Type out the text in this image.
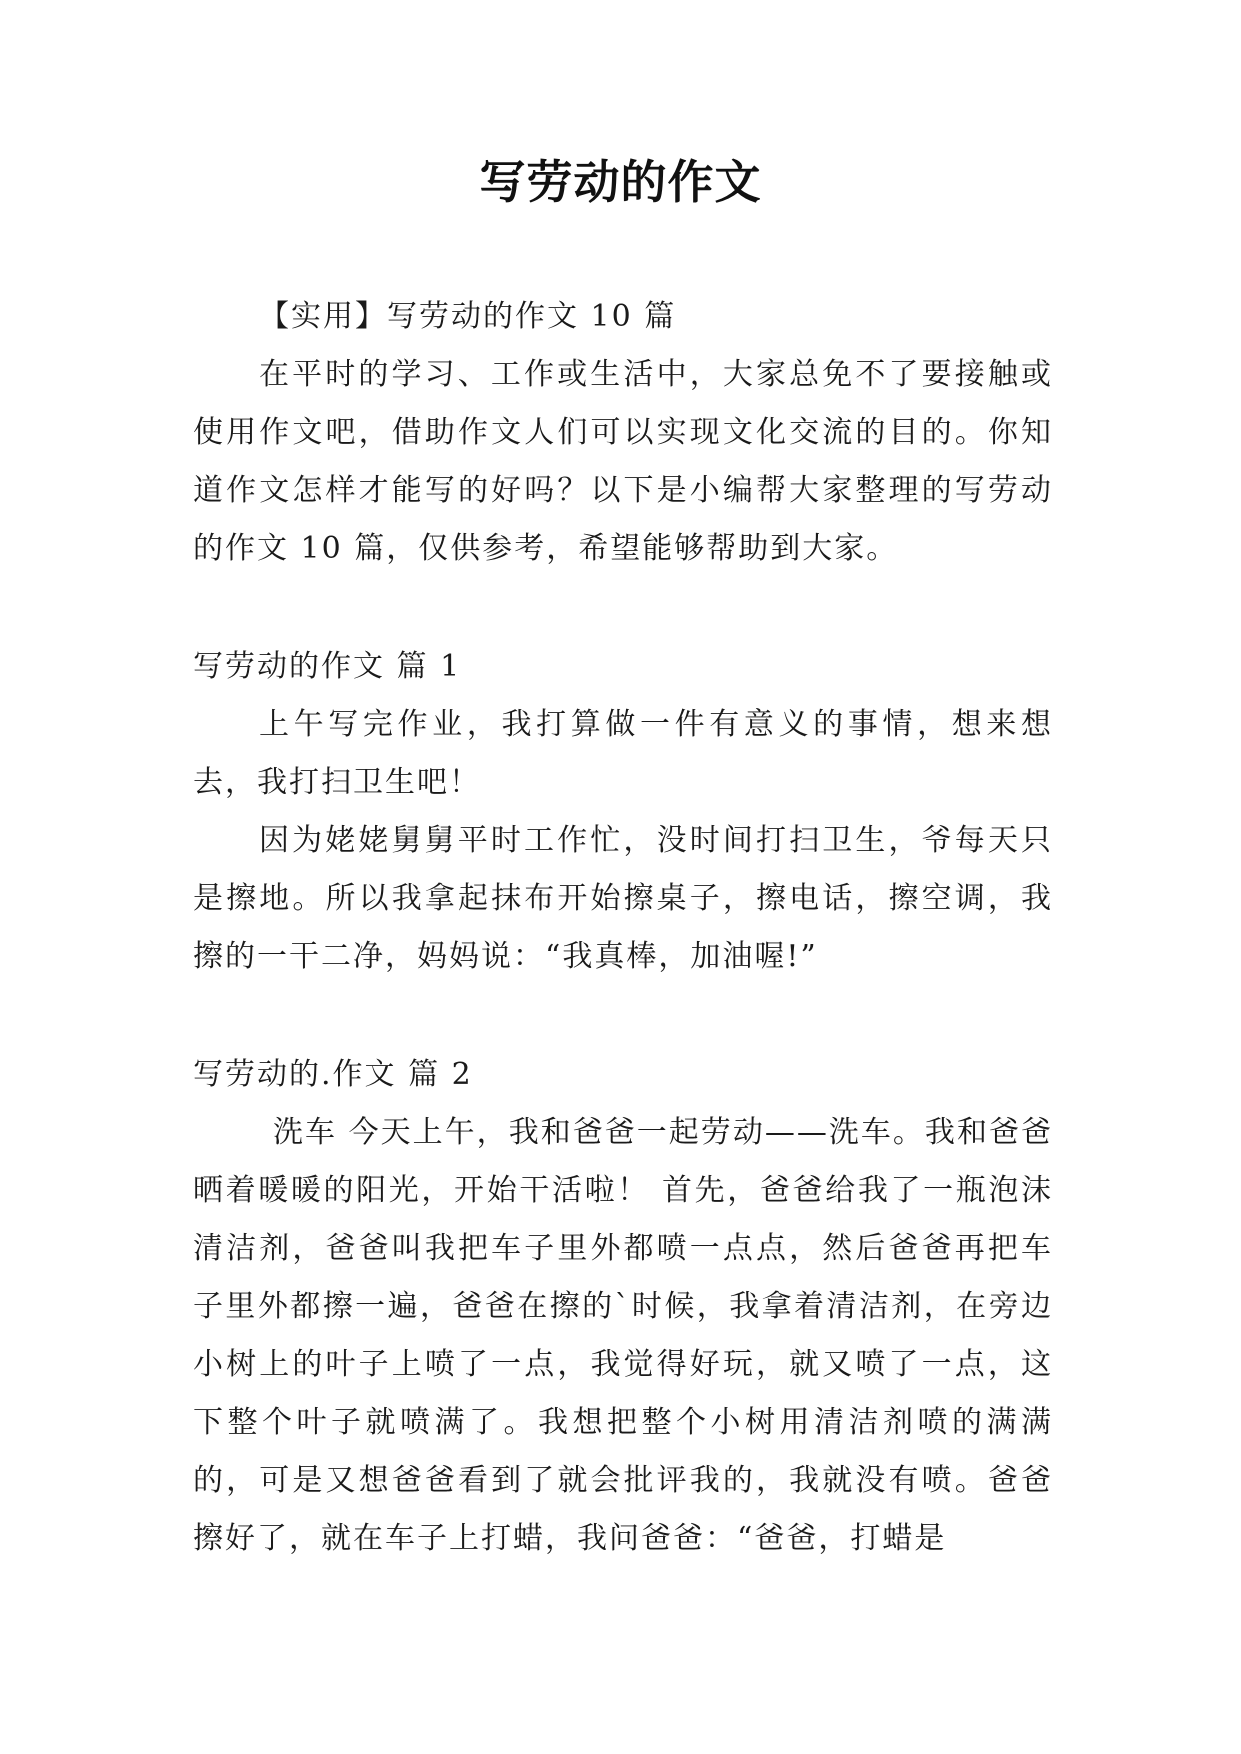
写劳动的作文

【实用】写劳动的作文 10 篇

在平时的学习、工作或生活中，大家总免不了要接触或使用作文吧，借助作文人们可以实现文化交流的目的。你知道作文怎样才能写的好吗？以下是小编帮大家整理的写劳动的作文 10 篇，仅供参考，希望能够帮助到大家。

写劳动的作文 篇 1

上午写完作业，我打算做一件有意义的事情，想来想去，我打扫卫生吧！

因为姥姥舅舅平时工作忙，没时间打扫卫生，爷每天只是擦地。所以我拿起抹布开始擦桌子，擦电话，擦空调，我擦的一干二净，妈妈说：“我真棒，加油喔!”

写劳动的.作文 篇 2

洗车 今天上午，我和爸爸一起劳动——洗车。我和爸爸晒着暖暖的阳光，开始干活啦！ 首先，爸爸给我了一瓶泡沫清洁剂，爸爸叫我把车子里外都喷一点点，然后爸爸再把车子里外都擦一遍，爸爸在擦的`时候，我拿着清洁剂，在旁边小树上的叶子上喷了一点，我觉得好玩，就又喷了一点，这下整个叶子就喷满了。我想把整个小树用清洁剂喷的满满的，可是又想爸爸看到了就会批评我的，我就没有喷。爸爸擦好了，就在车子上打蜡，我问爸爸：“爸爸，打蜡是
